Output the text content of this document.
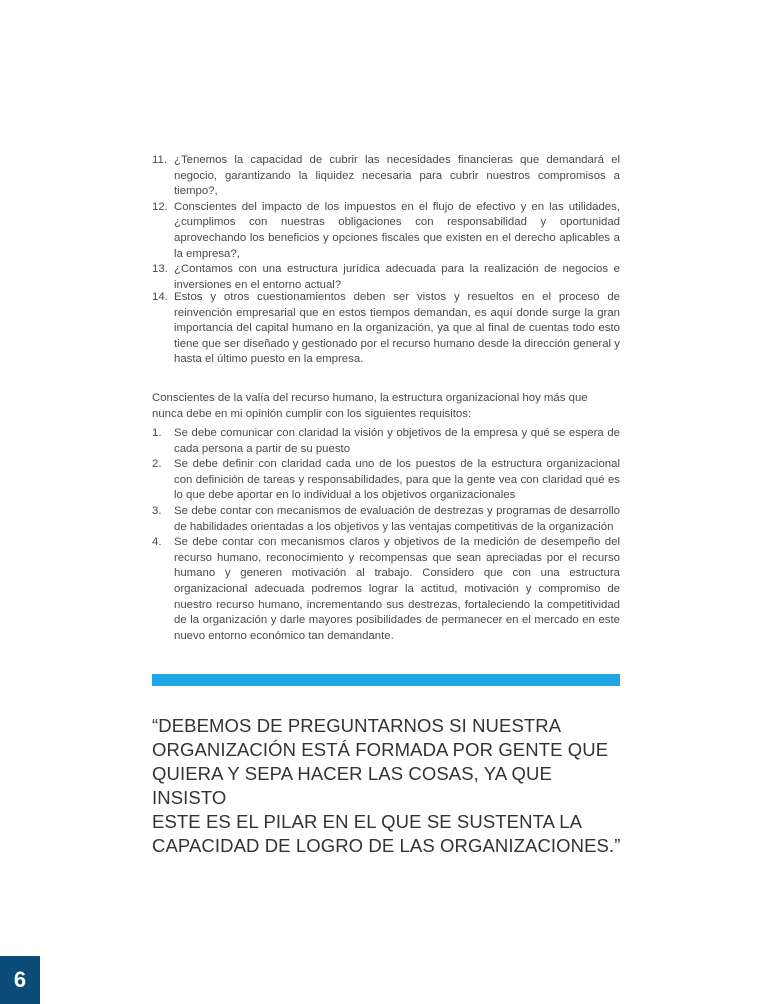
11. ¿Tenemos la capacidad de cubrir las necesidades financieras que demandará el negocio, garantizando la liquidez necesaria para cubrir nuestros compromisos a tiempo?,
12. Conscientes del impacto de los impuestos en el flujo de efectivo y en las utilidades, ¿cumplimos con nuestras obligaciones con responsabilidad y oportunidad aprovechando los beneficios y opciones fiscales que existen en el derecho aplicables a la empresa?,
13. ¿Contamos con una estructura jurídica adecuada para la realización de negocios e inversiones en el entorno actual?
14. Estos y otros cuestionamientos deben ser vistos y resueltos en el proceso de reinvención empresarial que en estos tiempos demandan, es aquí donde surge la gran importancia del capital humano en la organización, ya que al final de cuentas todo esto tiene que ser diseñado y gestionado por el recurso humano desde la dirección general y hasta el último puesto en la empresa.

Conscientes de la valía del recurso humano, la estructura organizacional hoy más que nunca debe en mi opinión cumplir con los siguientes requisitos:

1. Se debe comunicar con claridad la visión y objetivos de la empresa y qué se espera de cada persona a partir de su puesto
2. Se debe definir con claridad cada uno de los puestos de la estructura organizacional con definición de tareas y responsabilidades, para que la gente vea con claridad qué es lo que debe aportar en lo individual a los objetivos organizacionales
3. Se debe contar con mecanismos de evaluación de destrezas y programas de desarrollo de habilidades orientadas a los objetivos y las ventajas competitivas de la organización
4. Se debe contar con mecanismos claros y objetivos de la medición de desempeño del recurso humano, reconocimiento y recompensas que sean apreciadas por el recurso humano y generen motivación al trabajo. Considero que con una estructura organizacional adecuada podremos lograr la actitud, motivación y compromiso de nuestro recurso humano, incrementando sus destrezas, fortaleciendo la competitividad de la organización y darle mayores posibilidades de permanecer en el mercado en este nuevo entorno económico tan demandante.
“DEBEMOS DE PREGUNTARNOS SI NUESTRA
ORGANIZACIÓN ESTÁ FORMADA POR GENTE QUE
QUIERA Y SEPA HACER LAS COSAS, YA QUE INSISTO
ESTE ES EL PILAR EN EL QUE SE SUSTENTA LA
CAPACIDAD DE LOGRO DE LAS ORGANIZACIONES.”
6
